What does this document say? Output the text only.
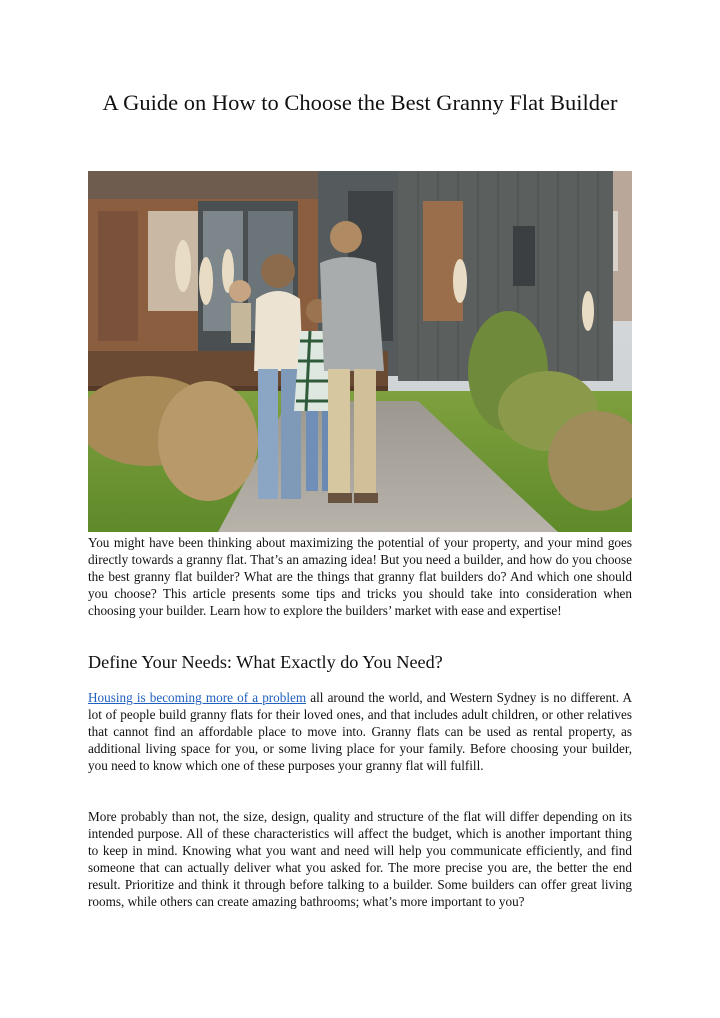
A Guide on How to Choose the Best Granny Flat Builder

You might have been thinking about maximizing the potential of your property, and your mind goes directly towards a granny flat. That’s an amazing idea! But you need a builder, and how do you choose the best granny flat builder? What are the things that granny flat builders do? And which one should you choose? This article presents some tips and tricks you should take into consideration when choosing your builder. Learn how to explore the builders’ market with ease and expertise!

Define Your Needs: What Exactly do You Need?

Housing is becoming more of a problem all around the world, and Western Sydney is no different. A lot of people build granny flats for their loved ones, and that includes adult children, or other relatives that cannot find an affordable place to move into. Granny flats can be used as rental property, as additional living space for you, or some living place for your family. Before choosing your builder, you need to know which one of these purposes your granny flat will fulfill.

More probably than not, the size, design, quality and structure of the flat will differ depending on its intended purpose. All of these characteristics will affect the budget, which is another important thing to keep in mind. Knowing what you want and need will help you communicate efficiently, and find someone that can actually deliver what you asked for. The more precise you are, the better the end result. Prioritize and think it through before talking to a builder. Some builders can offer great living rooms, while others can create amazing bathrooms; what’s more important to you?
